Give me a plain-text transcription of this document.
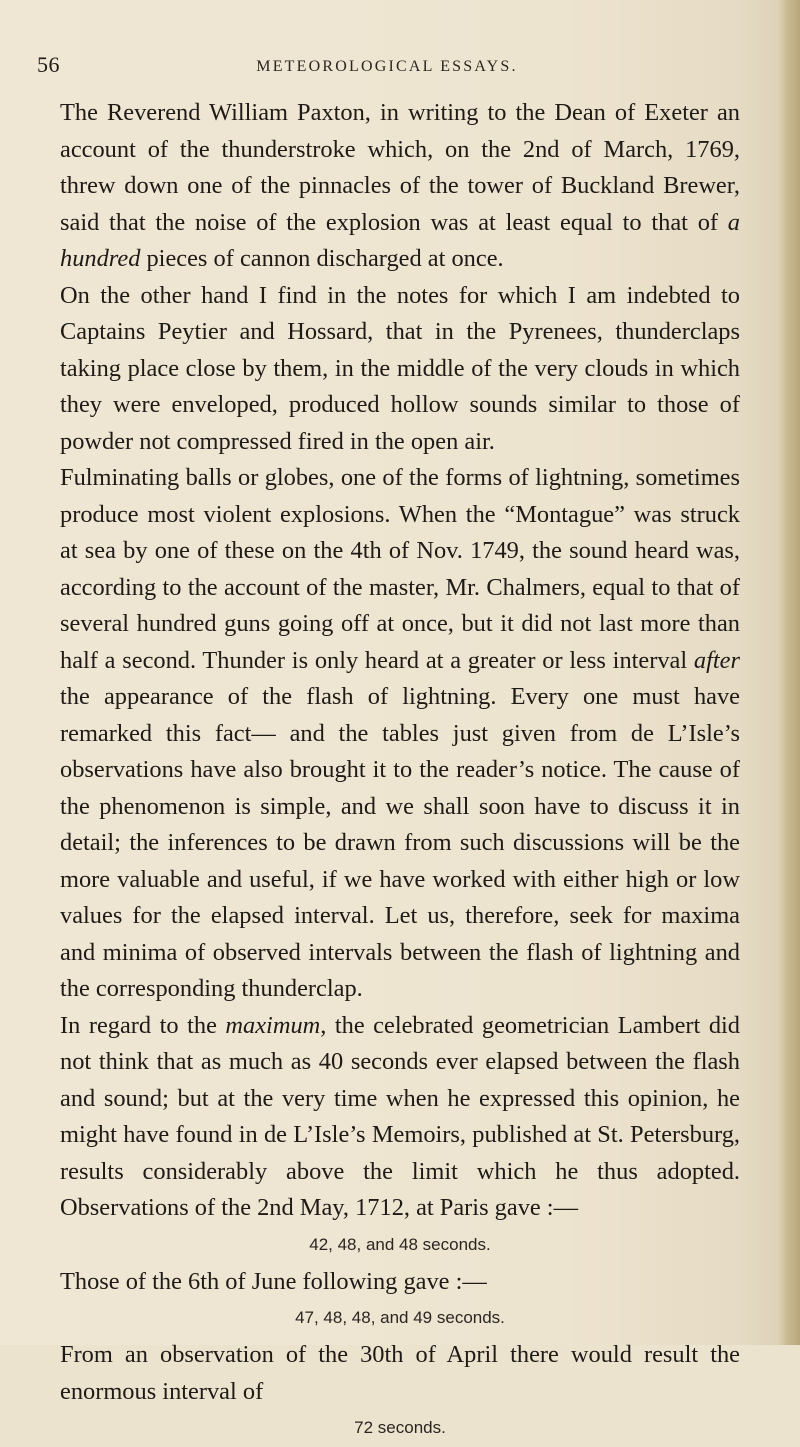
56	METEOROLOGICAL ESSAYS.

The Reverend William Paxton, in writing to the Dean of Exeter an account of the thunderstroke which, on the 2nd of March, 1769, threw down one of the pinnacles of the tower of Buckland Brewer, said that the noise of the explosion was at least equal to that of a hundred pieces of cannon discharged at once.

On the other hand I find in the notes for which I am indebted to Captains Peytier and Hossard, that in the Pyrenees, thunderclaps taking place close by them, in the middle of the very clouds in which they were enveloped, produced hollow sounds similar to those of powder not compressed fired in the open air.

Fulminating balls or globes, one of the forms of lightning, sometimes produce most violent explosions. When the “Montague” was struck at sea by one of these on the 4th of Nov. 1749, the sound heard was, according to the account of the master, Mr. Chalmers, equal to that of several hundred guns going off at once, but it did not last more than half a second. Thunder is only heard at a greater or less interval after the appearance of the flash of lightning. Every one must have remarked this fact— and the tables just given from de L’Isle’s observations have also brought it to the reader’s notice. The cause of the phenomenon is simple, and we shall soon have to discuss it in detail; the inferences to be drawn from such discussions will be the more valuable and useful, if we have worked with either high or low values for the elapsed interval. Let us, therefore, seek for maxima and minima of observed intervals between the flash of lightning and the corresponding thunderclap.

In regard to the maximum, the celebrated geometrician Lambert did not think that as much as 40 seconds ever elapsed between the flash and sound; but at the very time when he expressed this opinion, he might have found in de L’Isle’s Memoirs, published at St. Petersburg, results considerably above the limit which he thus adopted. Observations of the 2nd May, 1712, at Paris gave :—

42, 48, and 48 seconds.

Those of the 6th of June following gave :—

47, 48, 48, and 49 seconds.

From an observation of the 30th of April there would result the enormous interval of

72 seconds.
